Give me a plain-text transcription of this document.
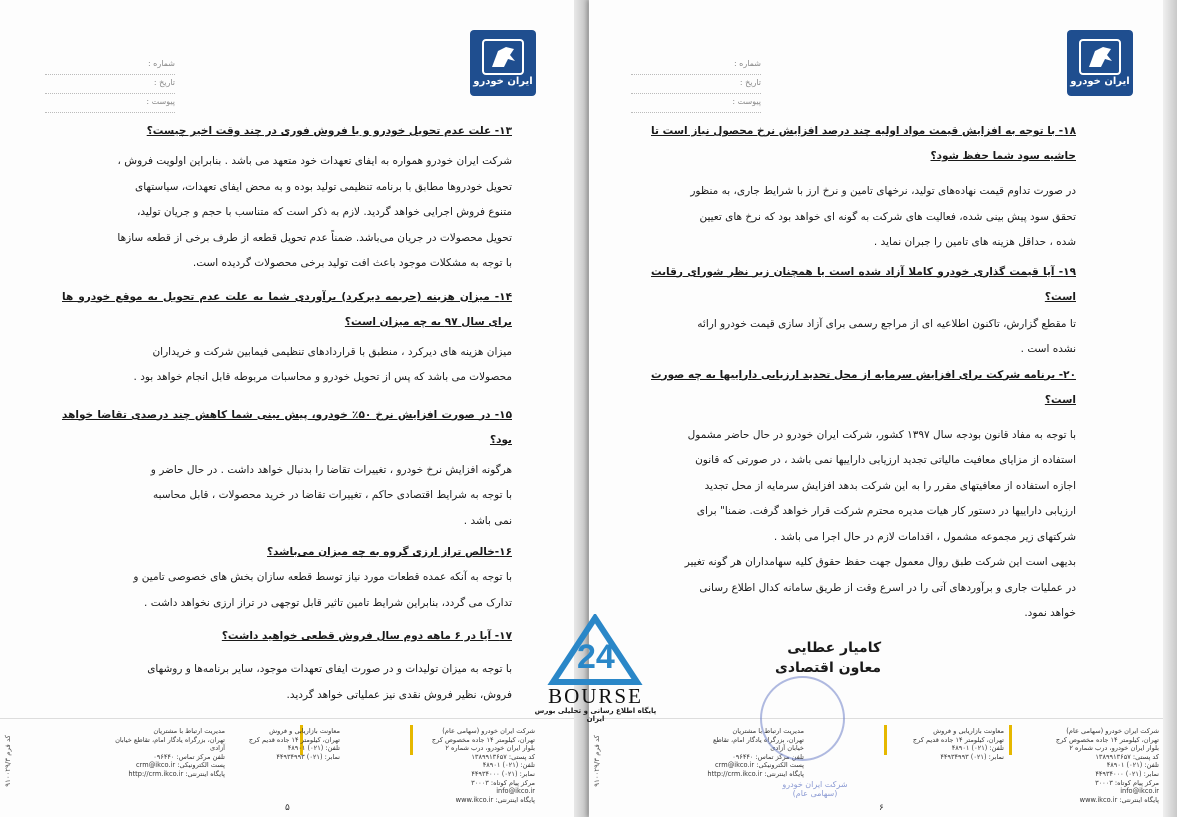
ایران خودرو
شماره :
تاریخ :
پیوست :
۱۳- علت عدم تحویل خودرو و یا فروش فوری در چند وقت اخیر چیست؟
شرکت ایران خودرو همواره به ایفای تعهدات خود متعهد می باشد . بنابراین اولویت فروش ،
تحویل خودروها مطابق با برنامه تنظیمی تولید بوده و به محض ایفای تعهدات، سیاستهای
متنوع فروش اجرایی خواهد گردید. لازم به ذکر است که متناسب با حجم و جریان تولید،
تحویل محصولات در جریان می‌باشد. ضمناً عدم تحویل قطعه از طرف برخی از قطعه سازها
با توجه به مشکلات موجود باعث افت تولید برخی محصولات گردیده است.
۱۴- میزان هزینه (جریمه دیرکرد) برآوردی شما به علت عدم تحویل به موقع خودرو ها برای سال ۹۷ به چه میزان است؟
میزان هزینه های دیرکرد ، منطبق با قراردادهای تنظیمی فیمابین شرکت و خریداران
محصولات می باشد که پس از تحویل خودرو و محاسبات مربوطه قابل انجام خواهد بود .
۱۵- در صورت افزایش نرخ ۵۰٪ خودرو، پیش بینی شما کاهش چند درصدی تقاضا خواهد بود؟
هرگونه افزایش نرخ خودرو ، تغییرات تقاضا را بدنبال خواهد داشت . در حال حاضر و
با توجه به شرایط اقتصادی حاکم ، تغییرات تقاضا در خرید محصولات ، قابل محاسبه
نمی باشد .
۱۶-خالص تراز ارزی گروه به چه میزان می‌باشد؟
با توجه به آنکه عمده قطعات مورد نیاز توسط قطعه سازان بخش های خصوصی تامین و
تدارک می گردد، بنابراین شرایط تامین تاثیر قابل توجهی در تراز ارزی نخواهد داشت .
۱۷- آیا در ۶ ماهه دوم سال فروش قطعی خواهید داشت؟
با توجه به میزان تولیدات و در صورت ایفای تعهدات موجود، سایر برنامه‌ها و روشهای
فروش، نظیر فروش نقدی نیز عملیاتی خواهد گردید.
شرکت ایران خودرو (سهامی عام)
تهران، کیلومتر ۱۴ جاده مخصوص کرج
بلوار ایران خودرو، درب شماره ۲
کد پستی: ۱۳۸۹۹۱۳۶۵۷
تلفن: (۰۲۱) ۴۸۹۰۱
نمابر: (۰۲۱) ۴۴۹۳۴۰۰۰
مرکز پیام کوتاه: ۳۰۰۰۳
info@ikco.ir
پایگاه اینترنتی: www.ikco.ir
معاونت بازاریابی و فروش
تهران، کیلومتر ۱۴ جاده قدیم کرج
تلفن: (۰۲۱) ۴۸۹۰۱
نمابر: (۰۲۱) ۴۴۹۳۴۹۹۳
مدیریت ارتباط با مشتریان
تهران، بزرگراه یادگار امام، تقاطع خیابان آزادی
تلفن مرکز تماس: ۰۹۶۴۴۰
پست الکترونیکی: crm@ikco.ir
پایگاه اینترنتی: http://crm.ikco.ir
۹۱۰۰۲۹/۳ کد فرم
۵
ایران خودرو
شماره :
تاریخ :
پیوست :
۱۸- با توجه به افزایش قیمت مواد اولیه چند درصد افزایش نرخ محصول نیاز است تا حاشیه سود شما حفظ شود؟
در صورت تداوم قیمت نهاده‌های تولید، نرخهای تامین و نرخ ارز با شرایط جاری، به منظور
تحقق سود پیش بینی شده، فعالیت های شرکت به گونه ای خواهد بود که نرخ های تعیین
شده ، حداقل هزینه های تامین را جبران نماید .
۱۹- آیا قیمت گذاری خودرو کاملا آزاد شده است یا همچنان زیر نظر شورای رقابت است؟
تا مقطع گزارش، تاکنون اطلاعیه ای از مراجع رسمی برای آزاد سازی قیمت خودرو ارائه
نشده است .
۲۰- برنامه شرکت برای افزایش سرمایه از محل تجدید ارزیابی داراییها به چه صورت است؟
با توجه به مفاد قانون بودجه سال ۱۳۹۷ کشور، شرکت ایران خودرو در حال حاضر مشمول
استفاده از مزایای معافیت مالیاتی تجدید ارزیابی داراییها نمی باشد ، در صورتی که قانون
اجازه استفاده از معافیتهای مقرر را به این شرکت بدهد افزایش سرمایه از محل تجدید
ارزیابی داراییها در دستور کار هیات مدیره محترم شرکت قرار خواهد گرفت. ضمنا" برای
شرکتهای زیر مجموعه مشمول ، اقدامات لازم در حال اجرا می باشد .
بدیهی است این شرکت طبق روال معمول جهت حفظ حقوق کلیه سهامداران هر گونه تغییر
در عملیات جاری و برآوردهای آتی را در اسرع وقت از طریق سامانه کدال اطلاع رسانی
خواهد نمود.
شرکت ایران خودرو (سهامی عام)
تهران، کیلومتر ۱۴ جاده مخصوص کرج
بلوار ایران خودرو، درب شماره ۲
کد پستی: ۱۳۸۹۹۱۳۶۵۷
تلفن: (۰۲۱) ۴۸۹۰۱
نمابر: (۰۲۱) ۴۴۹۳۴۰۰۰
مرکز پیام کوتاه: ۳۰۰۰۳
info@ikco.ir
پایگاه اینترنتی: www.ikco.ir
معاونت بازاریابی و فروش
تهران، کیلومتر ۱۴ جاده قدیم کرج
تلفن: (۰۲۱) ۴۸۹۰۱
نمابر: (۰۲۱) ۴۴۹۳۴۹۹۳
مدیریت ارتباط با مشتریان
تهران، بزرگراه یادگار امام، تقاطع خیابان آزادی
تلفن مرکز تماس: ۰۹۶۴۴۰
پست الکترونیکی: crm@ikco.ir
پایگاه اینترنتی: http://crm.ikco.ir
۹۱۰۰۲۹/۳ کد فرم
۶
24
BOURSE
پایگاه اطلاع رسانی و تحلیلی بورس ایران
کامیار عطایی
معاون اقتصادی
شرکت ایران خودرو (سهامی عام)
